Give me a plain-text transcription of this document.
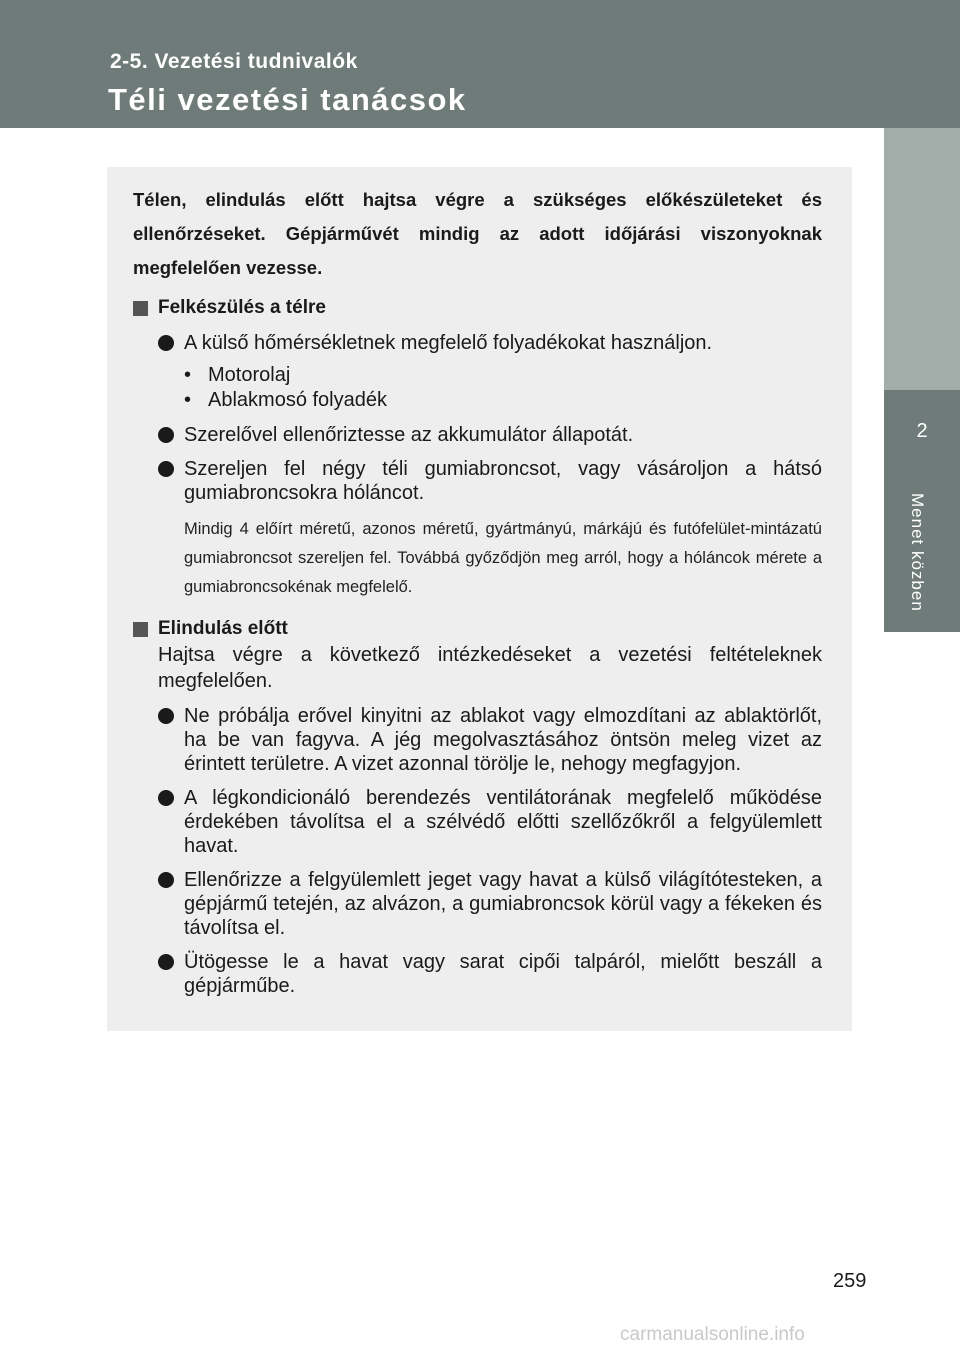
2-5. Vezetési tudnivalók
Téli vezetési tanácsok
2
Menet közben

Télen, elindulás előtt hajtsa végre a szükséges előkészületeket és ellenőrzéseket. Gépjárművét mindig az adott időjárási viszonyoknak megfelelően vezesse.

Felkészülés a télre
A külső hőmérsékletnek megfelelő folyadékokat használjon.
• Motorolaj
• Ablakmosó folyadék
Szerelővel ellenőriztesse az akkumulátor állapotát.
Szereljen fel négy téli gumiabroncsot, vagy vásároljon a hátsó gumiabroncsokra hóláncot.

Mindig 4 előírt méretű, azonos méretű, gyártmányú, márkájú és futófelület-mintázatú gumiabroncsot szereljen fel. Továbbá győződjön meg arról, hogy a hóláncok mérete a gumiabroncsokénak megfelelő.

Elindulás előtt
Hajtsa végre a következő intézkedéseket a vezetési feltételeknek megfelelően.
Ne próbálja erővel kinyitni az ablakot vagy elmozdítani az ablaktörlőt, ha be van fagyva. A jég megolvasztásához öntsön meleg vizet az érintett területre. A vizet azonnal törölje le, nehogy megfagyjon.
A légkondicionáló berendezés ventilátorának megfelelő működése érdekében távolítsa el a szélvédő előtti szellőzőkről a felgyülemlett havat.
Ellenőrizze a felgyülemlett jeget vagy havat a külső világítótesteken, a gépjármű tetején, az alvázon, a gumiabroncsok körül vagy a fékeken és távolítsa el.
Ütögesse le a havat vagy sarat cipői talpáról, mielőtt beszáll a gépjárműbe.
259
carmanualsonline.info
